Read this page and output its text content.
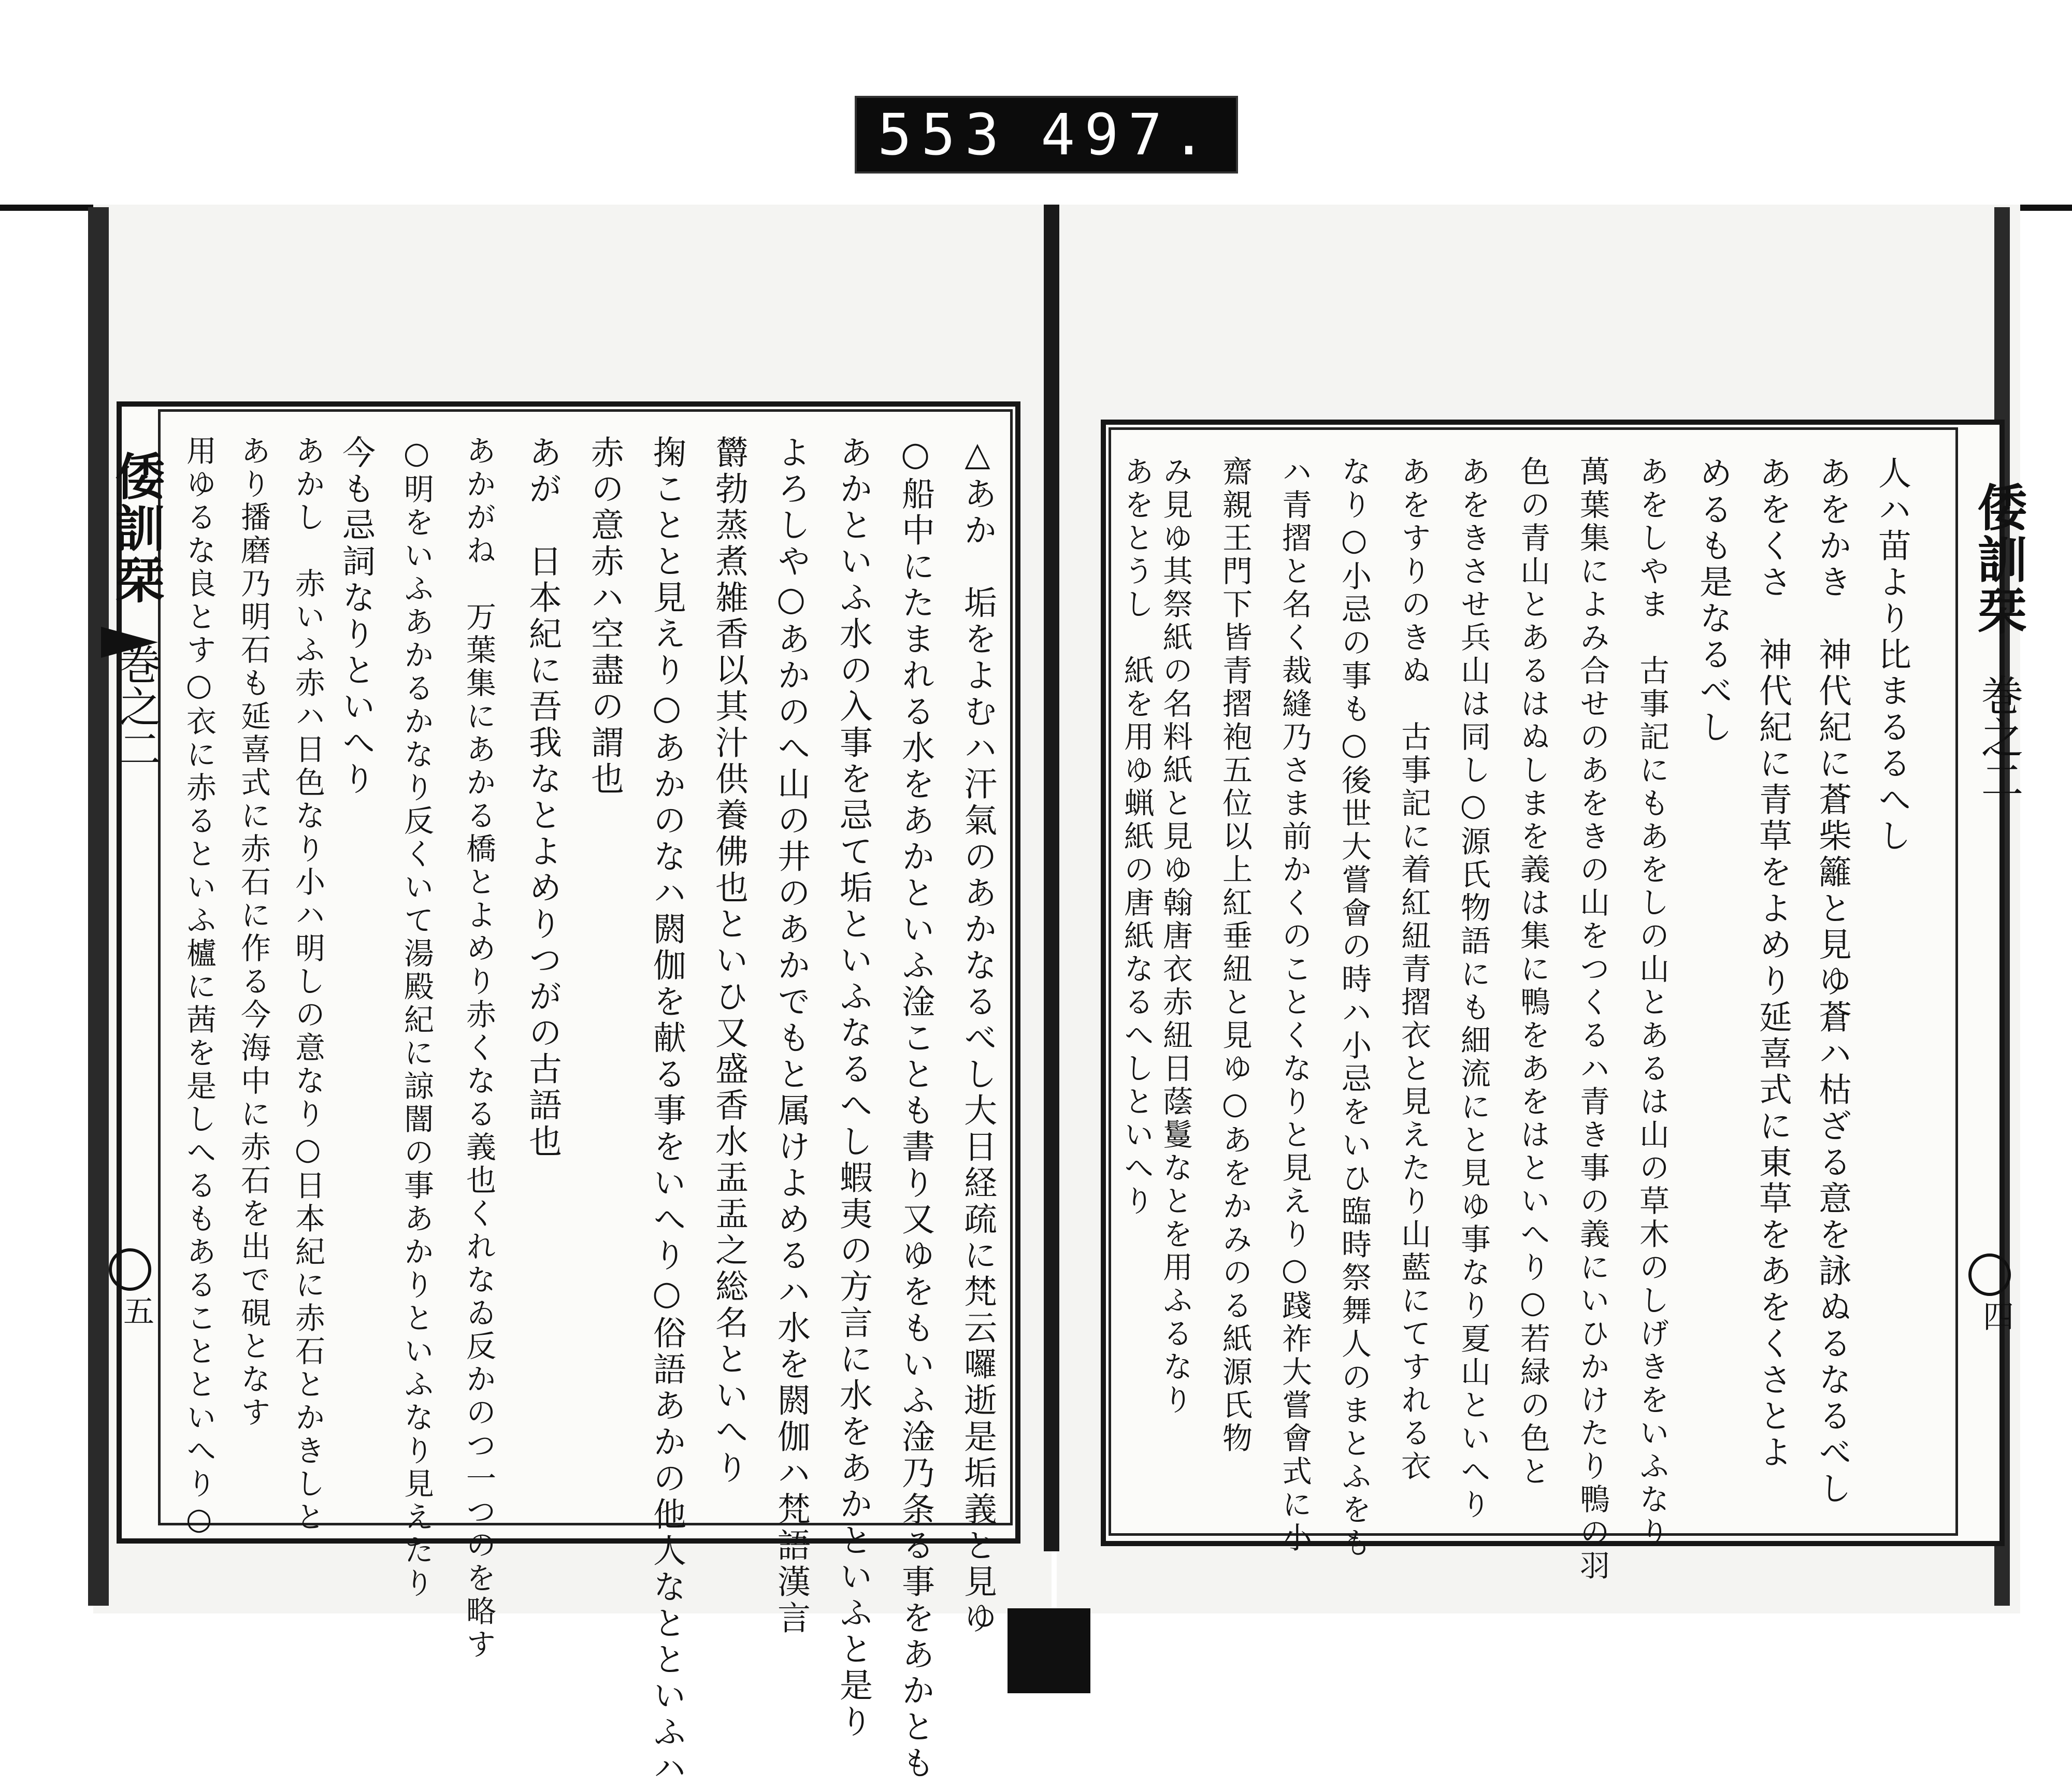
553 497.
倭訓栞
巻之二
五	△あか　垢をよむハ汗氣のあかなるべし大日経疏に梵云囉逝是垢義と見ゆ
○船中にたまれる水をあかといふ淦ことも書り又ゆをもいふ淦乃条る事をあかとも
あかといふ水の入事を忌て垢といふなるへし蝦夷の方言に水をあかといふと是り
よろしや○あかのへ山の井のあかでもと属けよめるハ水を閼伽ハ梵語漢言
欝勃蒸煮雑香以其汁供養佛也といひ又盛香水盂盂之総名といへり
掬ことと見えり○あかのなハ閼伽を献る事をいへり○俗語あかの他人なとといふハ
赤の意赤ハ空盡の謂也
あが　日本紀に吾我なとよめりつがの古語也
あかがね　万葉集にあかる橋とよめり赤くなる義也くれなゐ反かのつ一つのを略す
○明をいふあかるかなり反くいて湯殿紀に諒闇の事あかりといふなり見えたり
今も忌詞なりといへり
あかし　赤いふ赤ハ日色なり小ハ明しの意なり○日本紀に赤石とかきしと
あり播磨乃明石も延喜式に赤石に作る今海中に赤石を出で硯となす
用ゆるな良とす○衣に赤るといふ櫨に茜を是しへるもあることといへり○	倭訓栞
巻之二
四
人ハ苗より比まるるへし
あをかき　神代紀に蒼柴籬と見ゆ蒼ハ枯ざる意を詠ぬるなるべし
あをくさ　神代紀に青草をよめり延喜式に東草をあをくさとよ
めるも是なるべし
あをしやま　古事記にもあをしの山とあるは山の草木のしげきをいふなり
萬葉集によみ合せのあをきの山をつくるハ青き事の義にいひかけたり鴨の羽
色の青山とあるはぬしまを義は集に鴨をあをはといへり○若緑の色と
あをきさせ兵山は同し○源氏物語にも細流にと見ゆ事なり夏山といへり
あをすりのきぬ　古事記に着紅紐青摺衣と見えたり山藍にてすれる衣
なり○小忌の事も○後世大嘗會の時ハ小忌をいひ臨時祭舞人のまとふをも
ハ青摺と名く裁縫乃さま前かくのことくなりと見えり○踐祚大嘗會式に小
齋親王門下皆青摺袍五位以上紅垂紐と見ゆ○あをかみのる紙源氏物
み見ゆ其祭紙の名料紙と見ゆ翰唐衣赤紐日蔭鬘なとを用ふるなり
あをとうし　紙を用ゆ蝋紙の唐紙なるへしといへり
